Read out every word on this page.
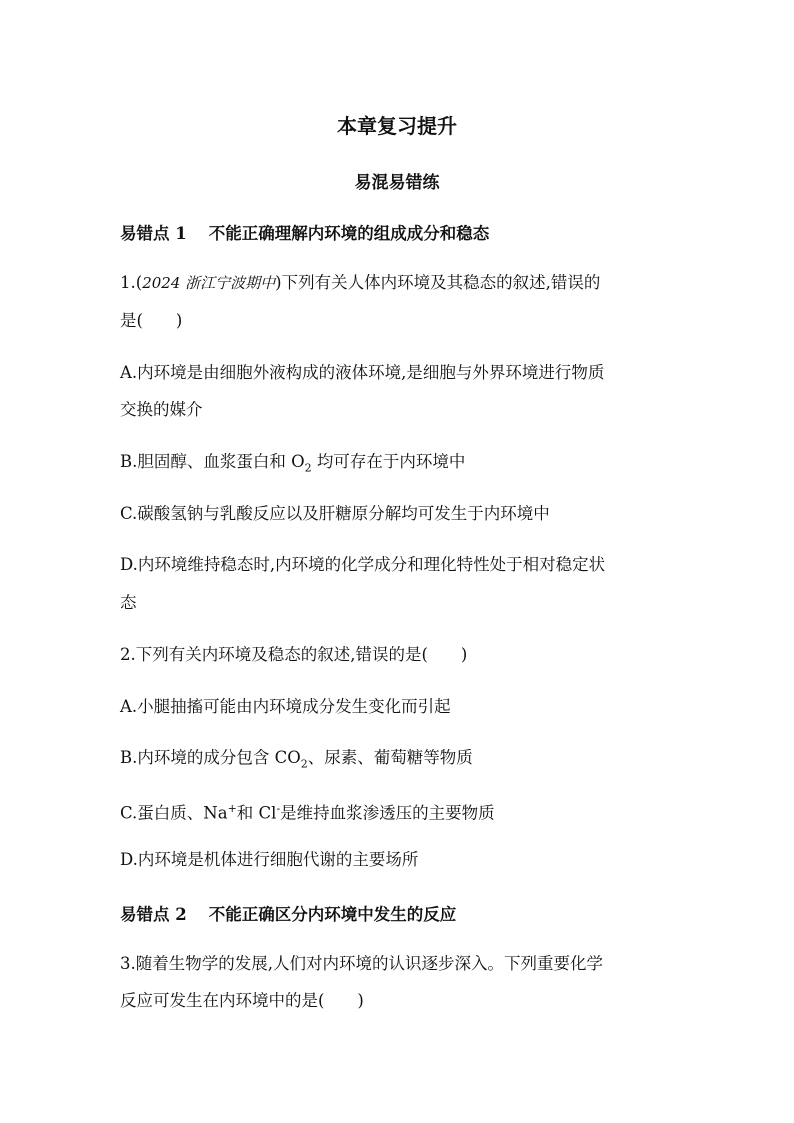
本章复习提升
易混易错练
易错点 1 不能正确理解内环境的组成成分和稳态
1.(2024 浙江宁波期中)下列有关人体内环境及其稳态的叙述,错误的
是(　　)
A.内环境是由细胞外液构成的液体环境,是细胞与外界环境进行物质
交换的媒介
B.胆固醇、血浆蛋白和 $O_2$ 均可存在于内环境中
C.碳酸氢钠与乳酸反应以及肝糖原分解均可发生于内环境中
D.内环境维持稳态时,内环境的化学成分和理化特性处于相对稳定状
态
2.下列有关内环境及稳态的叙述,错误的是(　　)
A.小腿抽搐可能由内环境成分发生变化而引起
B.内环境的成分包含 $CO_2$、尿素、葡萄糖等物质
C.蛋白质、Na+和 Cl-是维持血浆渗透压的主要物质
D.内环境是机体进行细胞代谢的主要场所
易错点 2 不能正确区分内环境中发生的反应
3.随着生物学的发展,人们对内环境的认识逐步深入。下列重要化学
反应可发生在内环境中的是(　　)
